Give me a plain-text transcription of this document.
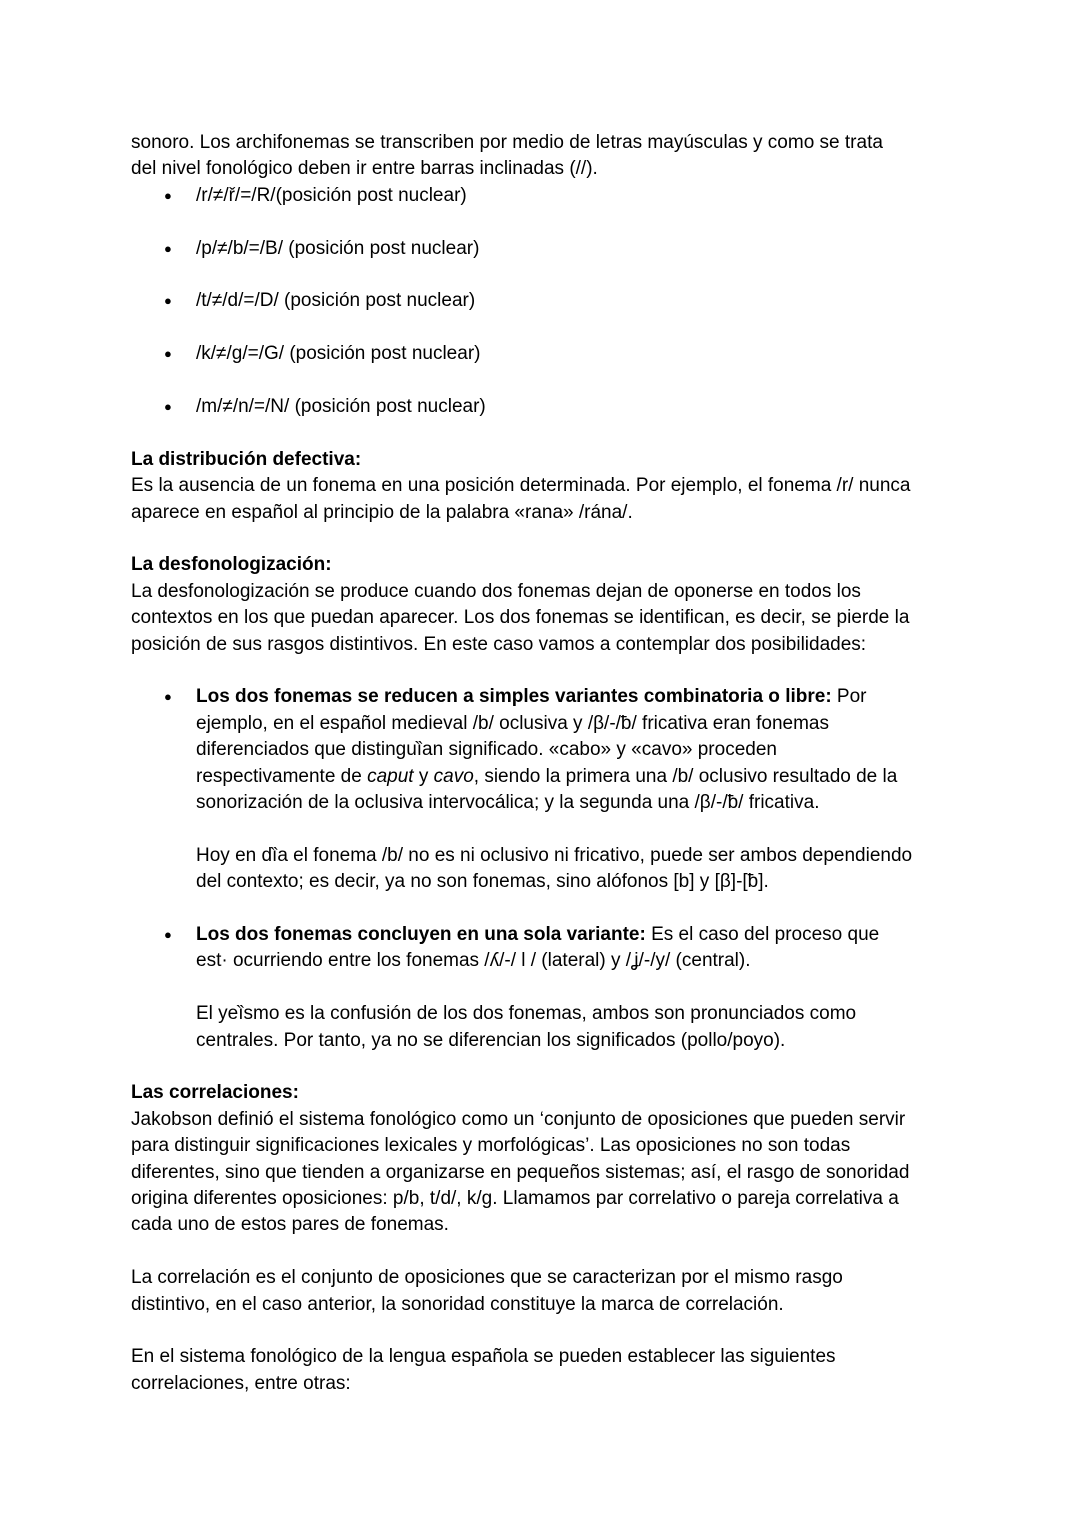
sonoro. Los archifonemas se transcriben por medio de letras mayúsculas y como se trata

del nivel fonológico deben ir entre barras inclinadas (//).

● /r/≠/ř/=/R/(posición post nuclear)
● /p/≠/b/=/B/ (posición post nuclear)
● /t/≠/d/=/D/ (posición post nuclear)
● /k/≠/g/=/G/ (posición post nuclear)
● /m/≠/n/=/N/ (posición post nuclear)

La distribución defectiva:

Es la ausencia de un fonema en una posición determinada. Por ejemplo, el fonema /r/ nunca

aparece en español al principio de la palabra «rana» /rána/.

La desfonologización:

La desfonologización se produce cuando dos fonemas dejan de oponerse en todos los

contextos en los que puedan aparecer. Los dos fonemas se identifican, es decir, se pierde la

posición de sus rasgos distintivos. En este caso vamos a contemplar dos posibilidades:

● Los dos fonemas se reducen a simples variantes combinatoria o libre: Por

ejemplo, en el español medieval /b/ oclusiva y /β/-/ƀ/ fricativa eran fonemas

diferenciados que distinguȉan significado. «cabo» y «cavo» proceden

respectivamente de caput y cavo, siendo la primera una /b/ oclusivo resultado de la

sonorización de la oclusiva intervocálica; y la segunda una /β/-/ƀ/ fricativa.

Hoy en dȉa el fonema /b/ no es ni oclusivo ni fricativo, puede ser ambos dependiendo

del contexto; es decir, ya no son fonemas, sino alófonos [b] y [β]-[ƀ].

● Los dos fonemas concluyen en una sola variante: Es el caso del proceso que

est· ocurriendo entre los fonemas /ʎ/-/ l / (lateral) y /ʝ/-/y/ (central).

El yeȉsmo es la confusión de los dos fonemas, ambos son pronunciados como

centrales. Por tanto, ya no se diferencian los significados (pollo/poyo).

Las correlaciones:

Jakobson definió el sistema fonológico como un ‘conjunto de oposiciones que pueden servir

para distinguir significaciones lexicales y morfológicas’. Las oposiciones no son todas

diferentes, sino que tienden a organizarse en pequeños sistemas; así, el rasgo de sonoridad

origina diferentes oposiciones: p/b, t/d/, k/g. Llamamos par correlativo o pareja correlativa a

cada uno de estos pares de fonemas.

La correlación es el conjunto de oposiciones que se caracterizan por el mismo rasgo

distintivo, en el caso anterior, la sonoridad constituye la marca de correlación.

En el sistema fonológico de la lengua española se pueden establecer las siguientes

correlaciones, entre otras:
